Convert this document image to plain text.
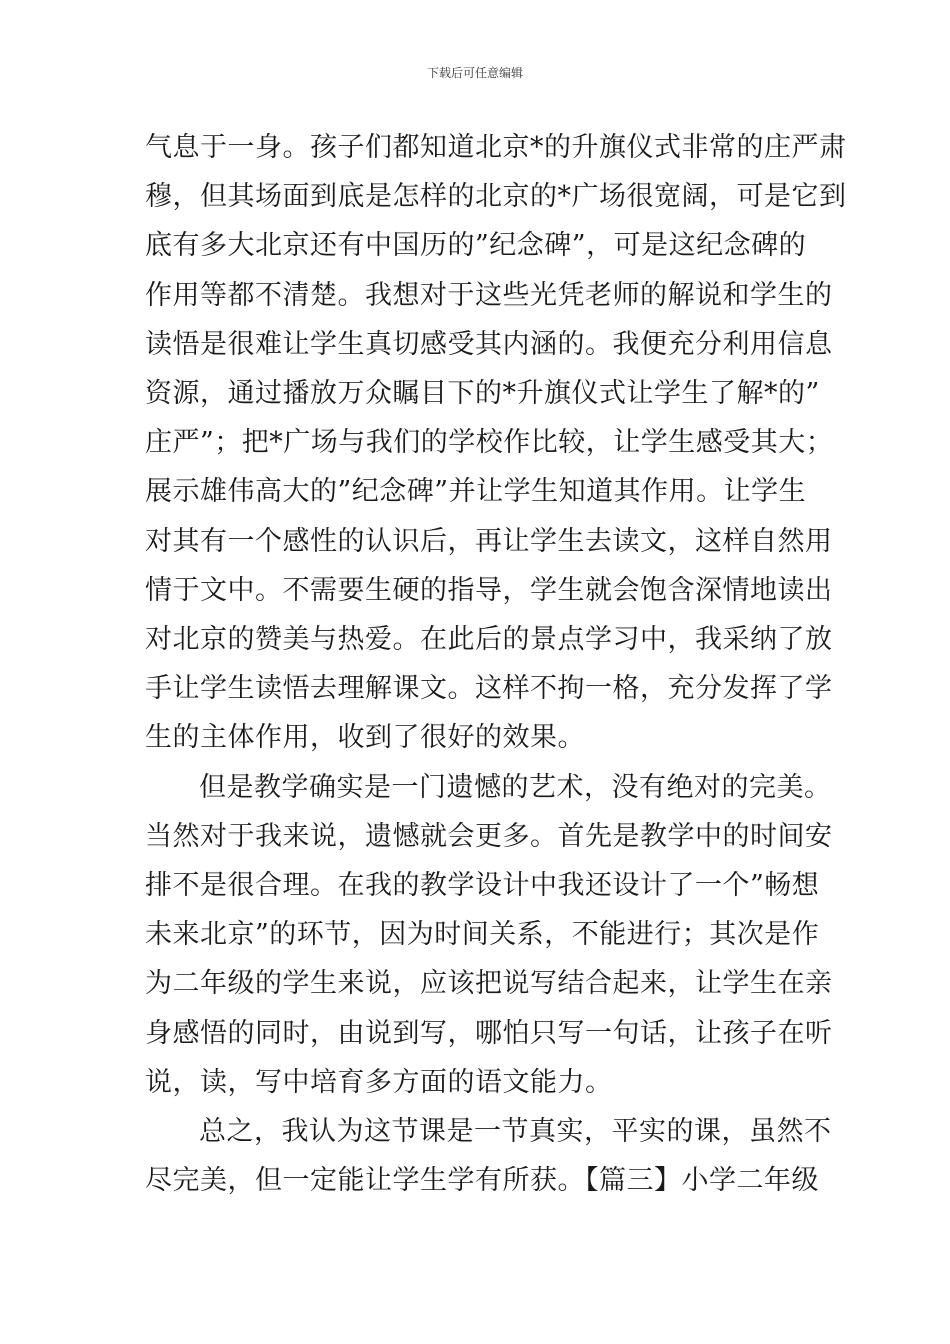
下载后可任意编辑
气息于一身。孩子们都知道北京*的升旗仪式非常的庄严肃
穆，但其场面到底是怎样的北京的*广场很宽阔，可是它到
底有多大北京还有中国历的”纪念碑”，可是这纪念碑的
作用等都不清楚。我想对于这些光凭老师的解说和学生的
读悟是很难让学生真切感受其内涵的。我便充分利用信息
资源，通过播放万众瞩目下的*升旗仪式让学生了解*的”
庄严”；把*广场与我们的学校作比较，让学生感受其大；
展示雄伟高大的”纪念碑”并让学生知道其作用。让学生
对其有一个感性的认识后，再让学生去读文，这样自然用
情于文中。不需要生硬的指导，学生就会饱含深情地读出
对北京的赞美与热爱。在此后的景点学习中，我采纳了放
手让学生读悟去理解课文。这样不拘一格，充分发挥了学
生的主体作用，收到了很好的效果。
但是教学确实是一门遗憾的艺术，没有绝对的完美。
当然对于我来说，遗憾就会更多。首先是教学中的时间安
排不是很合理。在我的教学设计中我还设计了一个”畅想
未来北京”的环节，因为时间关系，不能进行；其次是作
为二年级的学生来说，应该把说写结合起来，让学生在亲
身感悟的同时，由说到写，哪怕只写一句话，让孩子在听
说，读，写中培育多方面的语文能力。
总之，我认为这节课是一节真实，平实的课，虽然不
尽完美，但一定能让学生学有所获。【篇三】小学二年级
